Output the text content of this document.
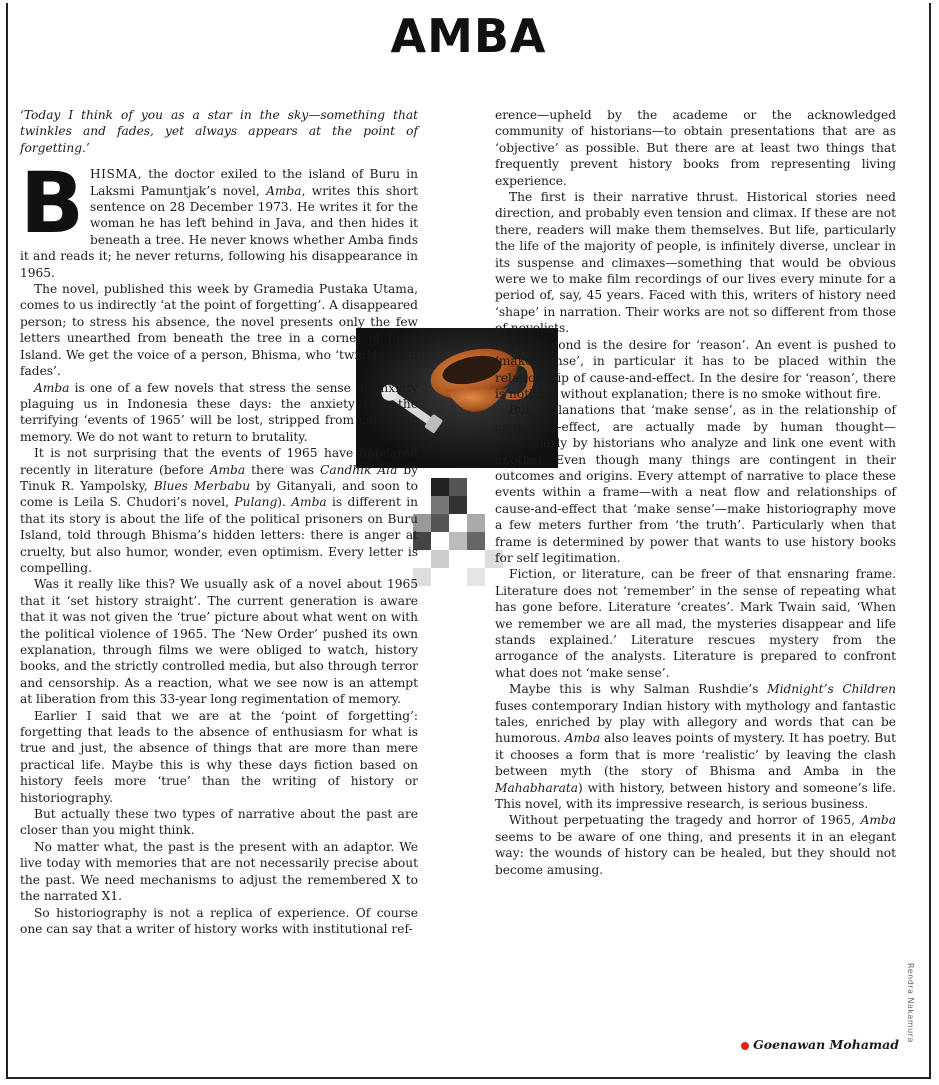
AMBA
‘Today I think of you as a star in the sky—something that twinkles and fades, yet always appears at the point of forgetting.’

BHISMA, the doctor exiled to the island of Buru in Laksmi Pamuntjak’s novel, Amba, writes this short sentence on 28 December 1973. He writes it for the woman he has left behind in Java, and then hides it beneath a tree. He never knows whether Amba finds it and reads it; he never returns, following his disappearance in 1965.

The novel, published this week by Gramedia Pustaka Utama, comes to us indirectly ‘at the point of forgetting’. A disappeared person; to stress his absence, the novel presents only the few letters unearthed from beneath the tree in a corner of Buru Island. We get the voice of a person, Bhisma, who ‘twinkles and fades’.

Amba is one of a few novels that stress the sense of anxiety plaguing us in Indonesia these days: the anxiety that the terrifying ‘events of 1965’ will be lost, stripped from collective memory. We do not want to return to brutality.

It is not surprising that the events of 1965 have appeared recently in literature (before Amba there was Candhik Ala by Tinuk R. Yampolsky, Blues Merbabu by Gitanyali, and soon to come is Leila S. Chudori’s novel, Pulang). Amba is different in that its story is about the life of the political prisoners on Buru Island, told through Bhisma’s hidden letters: there is anger at cruelty, but also humor, wonder, even optimism. Every letter is compelling.

Was it really like this? We usually ask of a novel about 1965 that it ‘set history straight’. The current generation is aware that it was not given the ‘true’ picture about what went on with the political violence of 1965. The ‘New Order’ pushed its own explanation, through films we were obliged to watch, history books, and the strictly controlled media, but also through terror and censorship. As a reaction, what we see now is an attempt at liberation from this 33-year long regimentation of memory.

Earlier I said that we are at the ‘point of forgetting’: forgetting that leads to the absence of enthusiasm for what is true and just, the absence of things that are more than mere practical life. Maybe this is why these days fiction based on history feels more ‘true’ than the writing of history or historiography.

But actually these two types of narrative about the past are closer than you might think.

No matter what, the past is the present with an adaptor. We live today with memories that are not necessarily precise about the past. We need mechanisms to adjust the remembered X to the narrated X1.

So historiography is not a replica of experience. Of course one can say that a writer of history works with institutional ref-

erence—upheld by the academe or the acknowledged community of historians—to obtain presentations that are as ‘objective’ as possible. But there are at least two things that frequently prevent history books from representing living experience.

The first is their narrative thrust. Historical stories need direction, and probably even tension and climax. If these are not there, readers will make them themselves. But life, particularly the life of the majority of people, is infinitely diverse, unclear in its suspense and climaxes—something that would be obvious were we to make film recordings of our lives every minute for a period of, say, 45 years. Faced with this, writers of history need ‘shape’ in narration. Their works are not so different from those of novelists.

The second is the desire for ‘reason’. An event is pushed to ‘make sense’, in particular it has to be placed within the relationship of cause-and-effect. In the desire for ‘reason’, there is nothing without explanation; there is no smoke without fire.

But explanations that ‘make sense’, as in the relationship of cause-and-effect, are actually made by human thought—particularly by historians who analyze and link one event with another. Even though many things are contingent in their outcomes and origins. Every attempt of narrative to place these events within a frame—with a neat flow and relationships of cause-and-effect that ‘make sense’—make historiography move a few meters further from ‘the truth’. Particularly when that frame is determined by power that wants to use history books for self legitimation.

Fiction, or literature, can be freer of that ensnaring frame. Literature does not ‘remember’ in the sense of repeating what has gone before. Literature ‘creates’. Mark Twain said, ‘When we remember we are all mad, the mysteries disappear and life stands explained.’ Literature rescues mystery from the arrogance of the analysts. Literature is prepared to confront what does not ‘make sense’.

Maybe this is why Salman Rushdie’s Midnight’s Children fuses contemporary Indian history with mythology and fantastic tales, enriched by play with allegory and words that can be humorous. Amba also leaves points of mystery. It has poetry. But it chooses a form that is more ‘realistic’ by leaving the clash between myth (the story of Bhisma and Amba in the Mahabharata) with history, between history and someone’s life. This novel, with its impressive research, is serious business.

Without perpetuating the tragedy and horror of 1965, Amba seems to be aware of one thing, and presents it in an elegant way: the wounds of history can be healed, but they should not become amusing.

Rendra Nakamura
Goenawan Mohamad
